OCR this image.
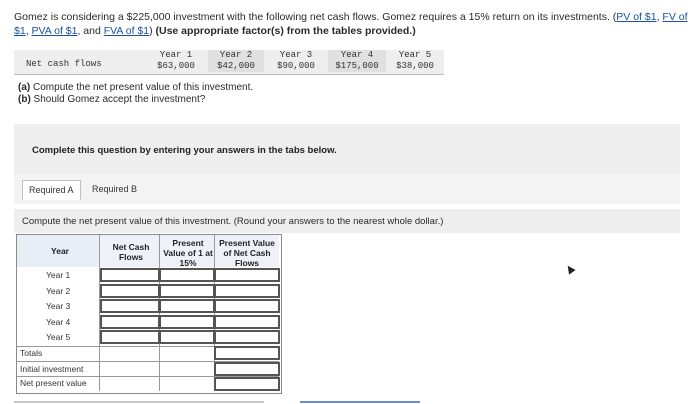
Gomez is considering a $225,000 investment with the following net cash flows. Gomez requires a 15% return on its investments. (PV of $1, FV of $1, PVA of $1, and FVA of $1) (Use appropriate factor(s) from the tables provided.)
Net cash flows
Year 1
$63,000
Year 2
$42,000
Year 3
$90,000
Year 4
$175,000
Year 5
$38,000
(a) Compute the net present value of this investment.
(b) Should Gomez accept the investment?
Complete this question by entering your answers in the tabs below.
Required A	Required B
Compute the net present value of this investment. (Round your answers to the nearest whole dollar.)
Year	Net Cash Flows
Present Value of 1 at 15%
Present Value of Net Cash Flows
Year 1
Year 2
Year 3
Year 4
Year 5
Totals
Initial investment
Net present value
